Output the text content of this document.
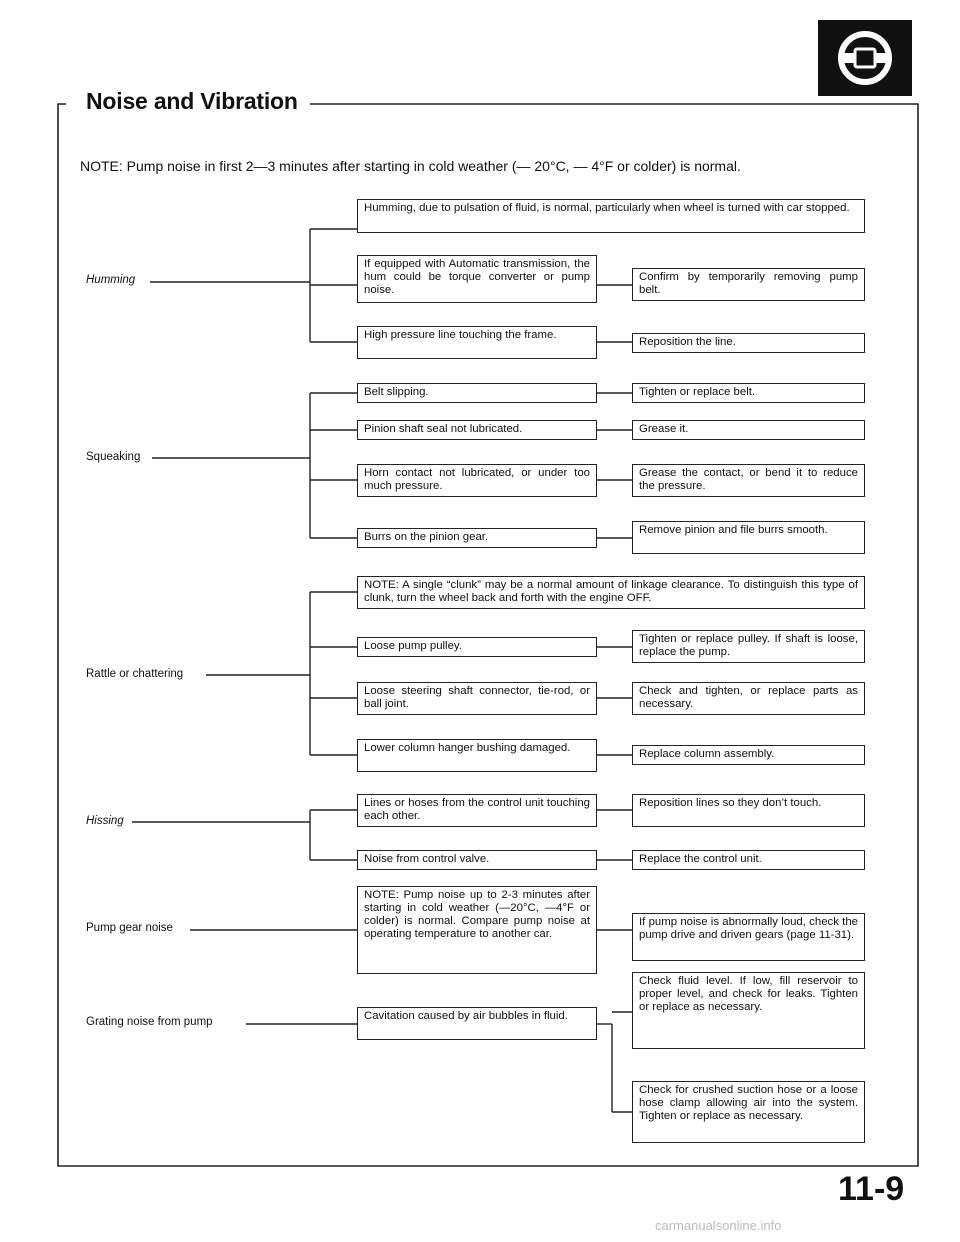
Noise and Vibration
NOTE: Pump noise in first 2—3 minutes after starting in cold weather (— 20°C, — 4°F or colder) is normal.
Humming
Squeaking
Rattle or chattering
Hissing
Pump gear noise
Grating noise from pump
Humming, due to pulsation of fluid, is normal, particularly when wheel is turned with car stopped.
If equipped with Automatic transmission, the hum could be torque converter or pump noise.
High pressure line touching the frame.
Belt slipping.
Pinion shaft seal not lubricated.
Horn contact not lubricated, or under too much pressure.
Burrs on the pinion gear.
NOTE: A single “clunk” may be a normal amount of linkage clearance. To distinguish this type of clunk, turn the wheel back and forth with the engine OFF.
Loose pump pulley.
Loose steering shaft connector, tie-rod, or ball joint.
Lower column hanger bushing damaged.
Lines or hoses from the control unit touching each other.
Noise from control valve.
NOTE: Pump noise up to 2-3 minutes after starting in cold weather (—20°C, —4°F or colder) is normal. Compare pump noise at operating temperature to another car.
Cavitation caused by air bubbles in fluid.
Confirm by temporarily removing pump belt.
Reposition the line.
Tighten or replace belt.
Grease it.
Grease the contact, or bend it to reduce the pressure.
Remove pinion and file burrs smooth.
Tighten or replace pulley. If shaft is loose, replace the pump.
Check and tighten, or replace parts as necessary.
Replace column assembly.
Reposition lines so they don’t touch.
Replace the control unit.
If pump noise is abnormally loud, check the pump drive and driven gears (page 11-31).
Check fluid level. If low, fill reservoir to proper level, and check for leaks. Tighten or replace as necessary.
Check for crushed suction hose or a loose hose clamp allowing air into the system. Tighten or replace as necessary.
11-9
carmanualsonline.info
